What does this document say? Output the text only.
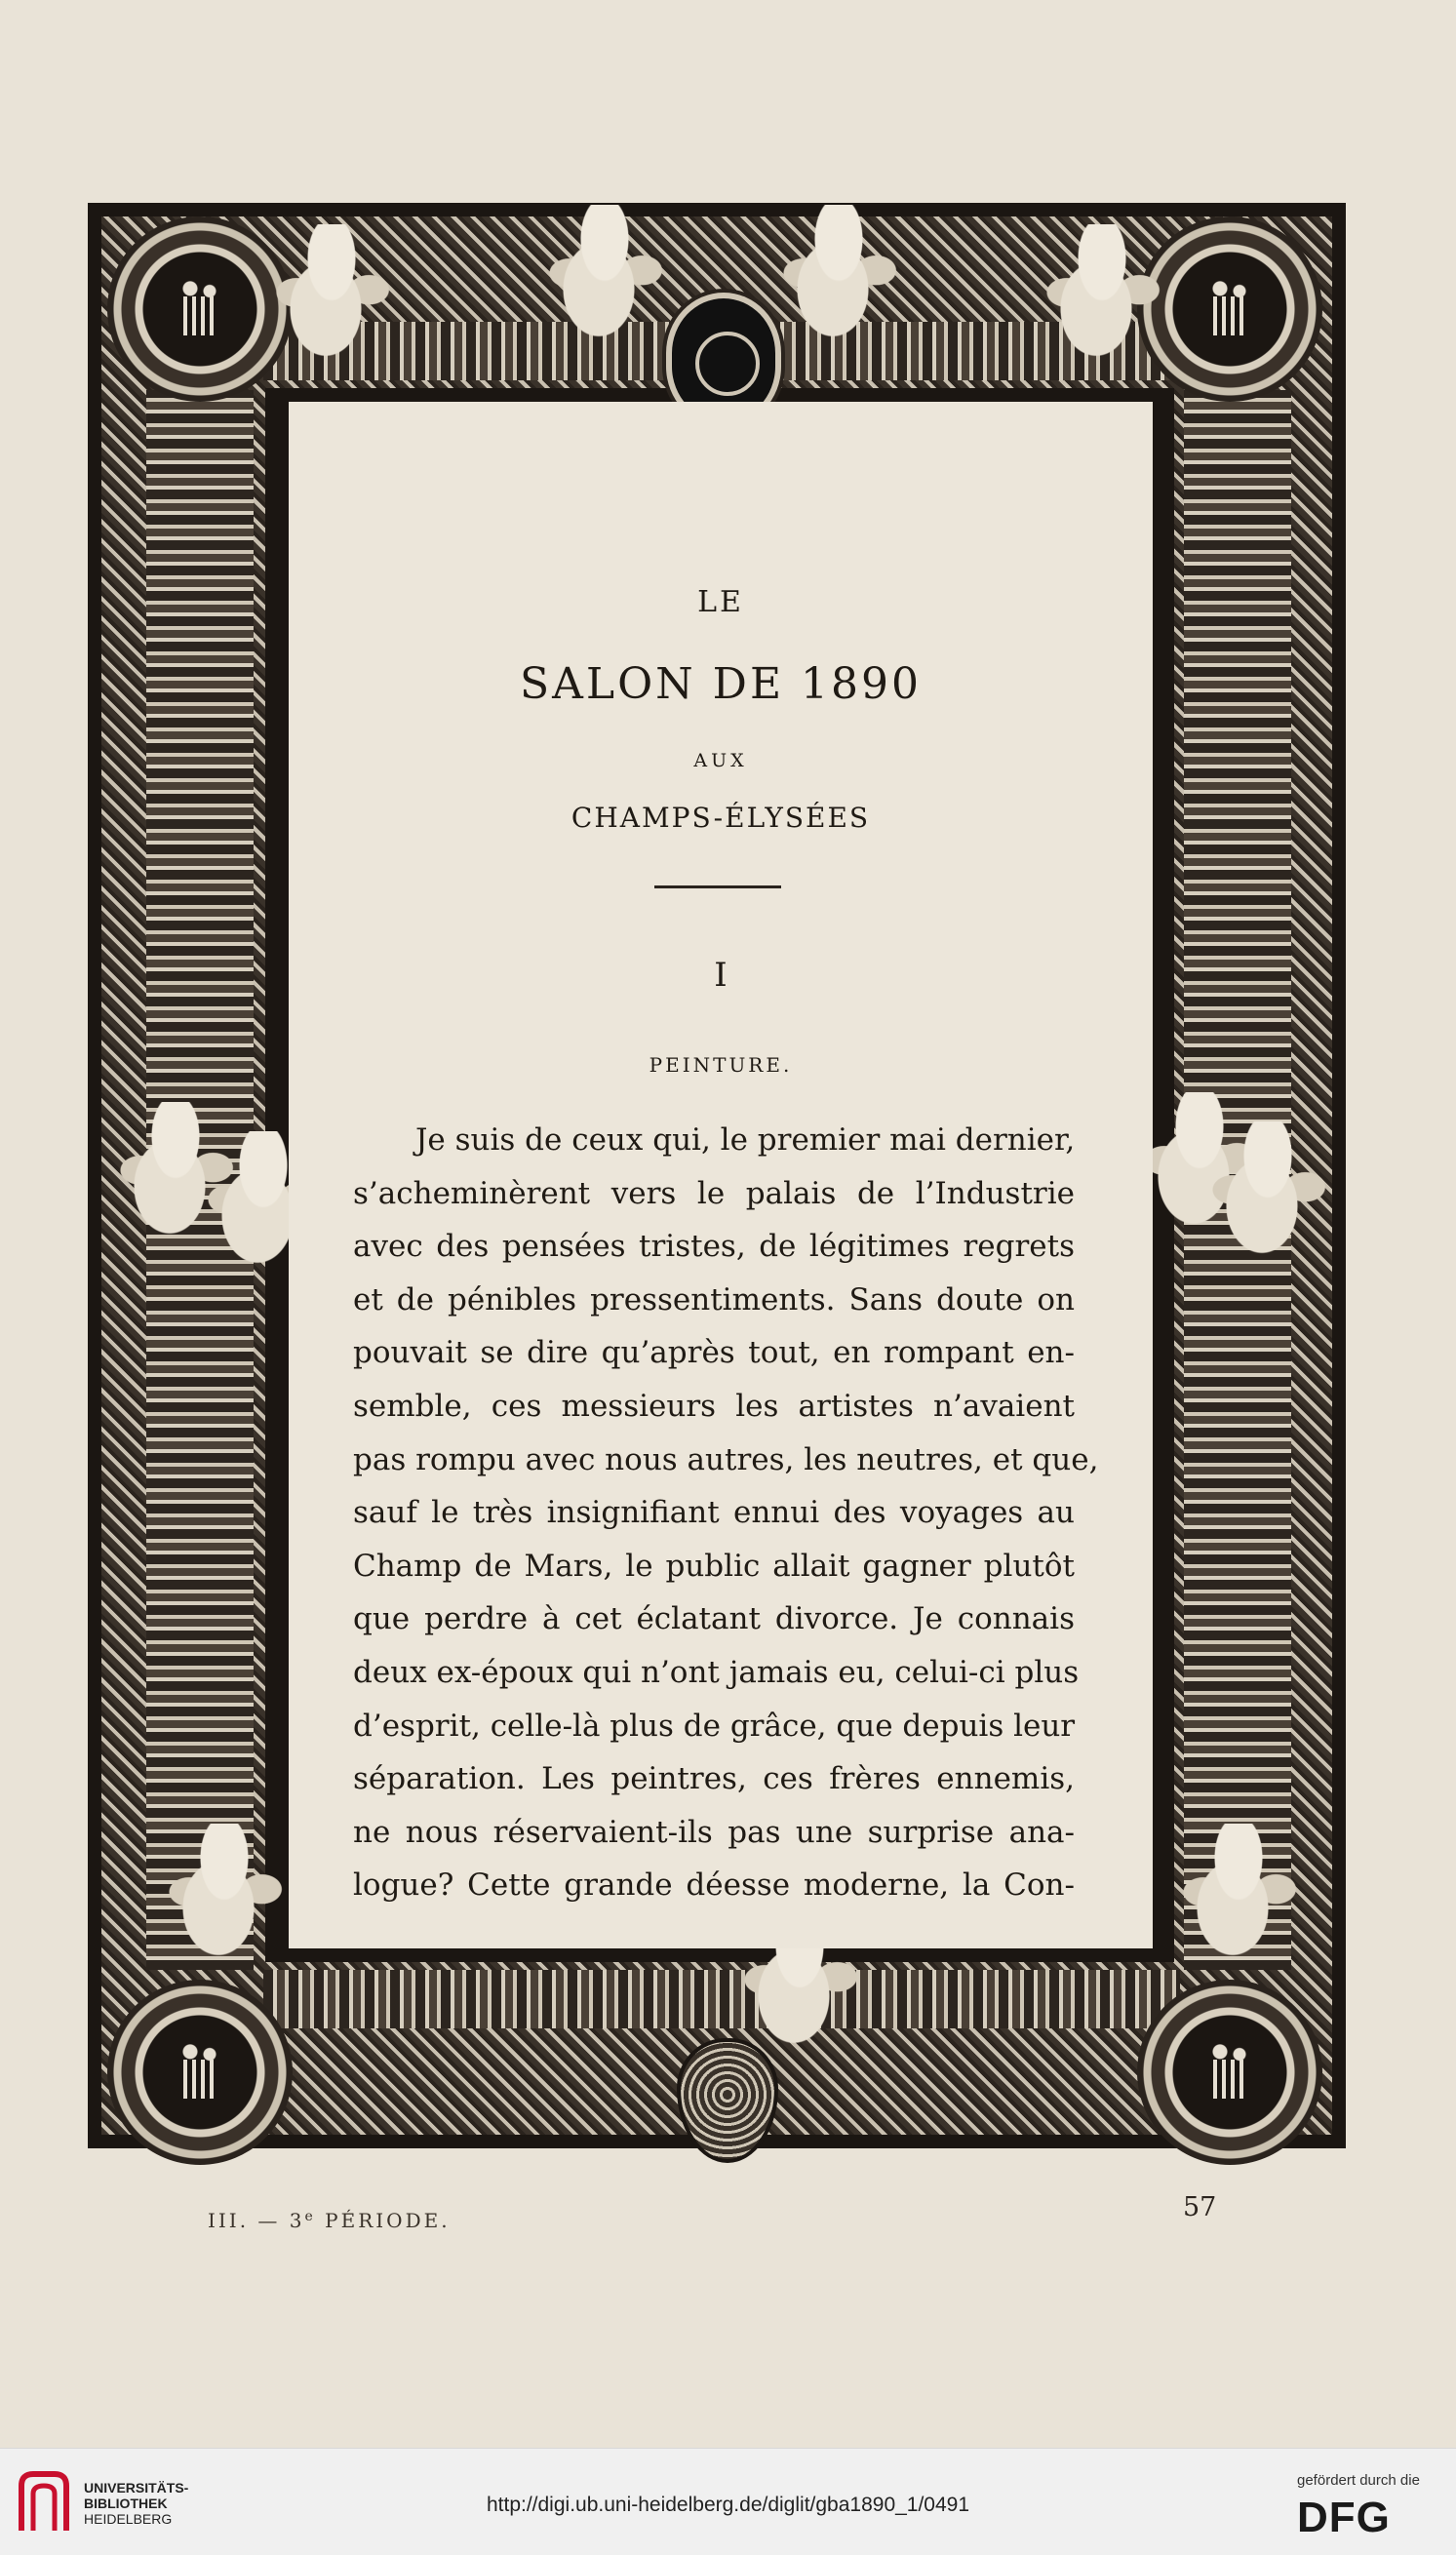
LE
SALON DE 1890
AUX
CHAMPS-ÉLYSÉES
I
PEINTURE.
Je suis de ceux qui, le premier mai dernier,
s’acheminèrent vers le palais de l’Industrie
avec des pensées tristes, de légitimes regrets
et de pénibles pressentiments. Sans doute on
pouvait se dire qu’après tout, en rompant en-
semble, ces messieurs les artistes n’avaient
pas rompu avec nous autres, les neutres, et que,
sauf le très insignifiant ennui des voyages au
Champ de Mars, le public allait gagner plutôt
que perdre à cet éclatant divorce. Je connais
deux ex-époux qui n’ont jamais eu, celui-ci plus
d’esprit, celle-là plus de grâce, que depuis leur
séparation. Les peintres, ces frères ennemis,
ne nous réservaient-ils pas une surprise ana-
logue? Cette grande déesse moderne, la Con-
III. — 3e PÉRIODE.	57
UNIVERSITÄTS-
BIBLIOTHEK
HEIDELBERG
http://digi.ub.uni-heidelberg.de/diglit/gba1890_1/0491
gefördert durch die
DFG
